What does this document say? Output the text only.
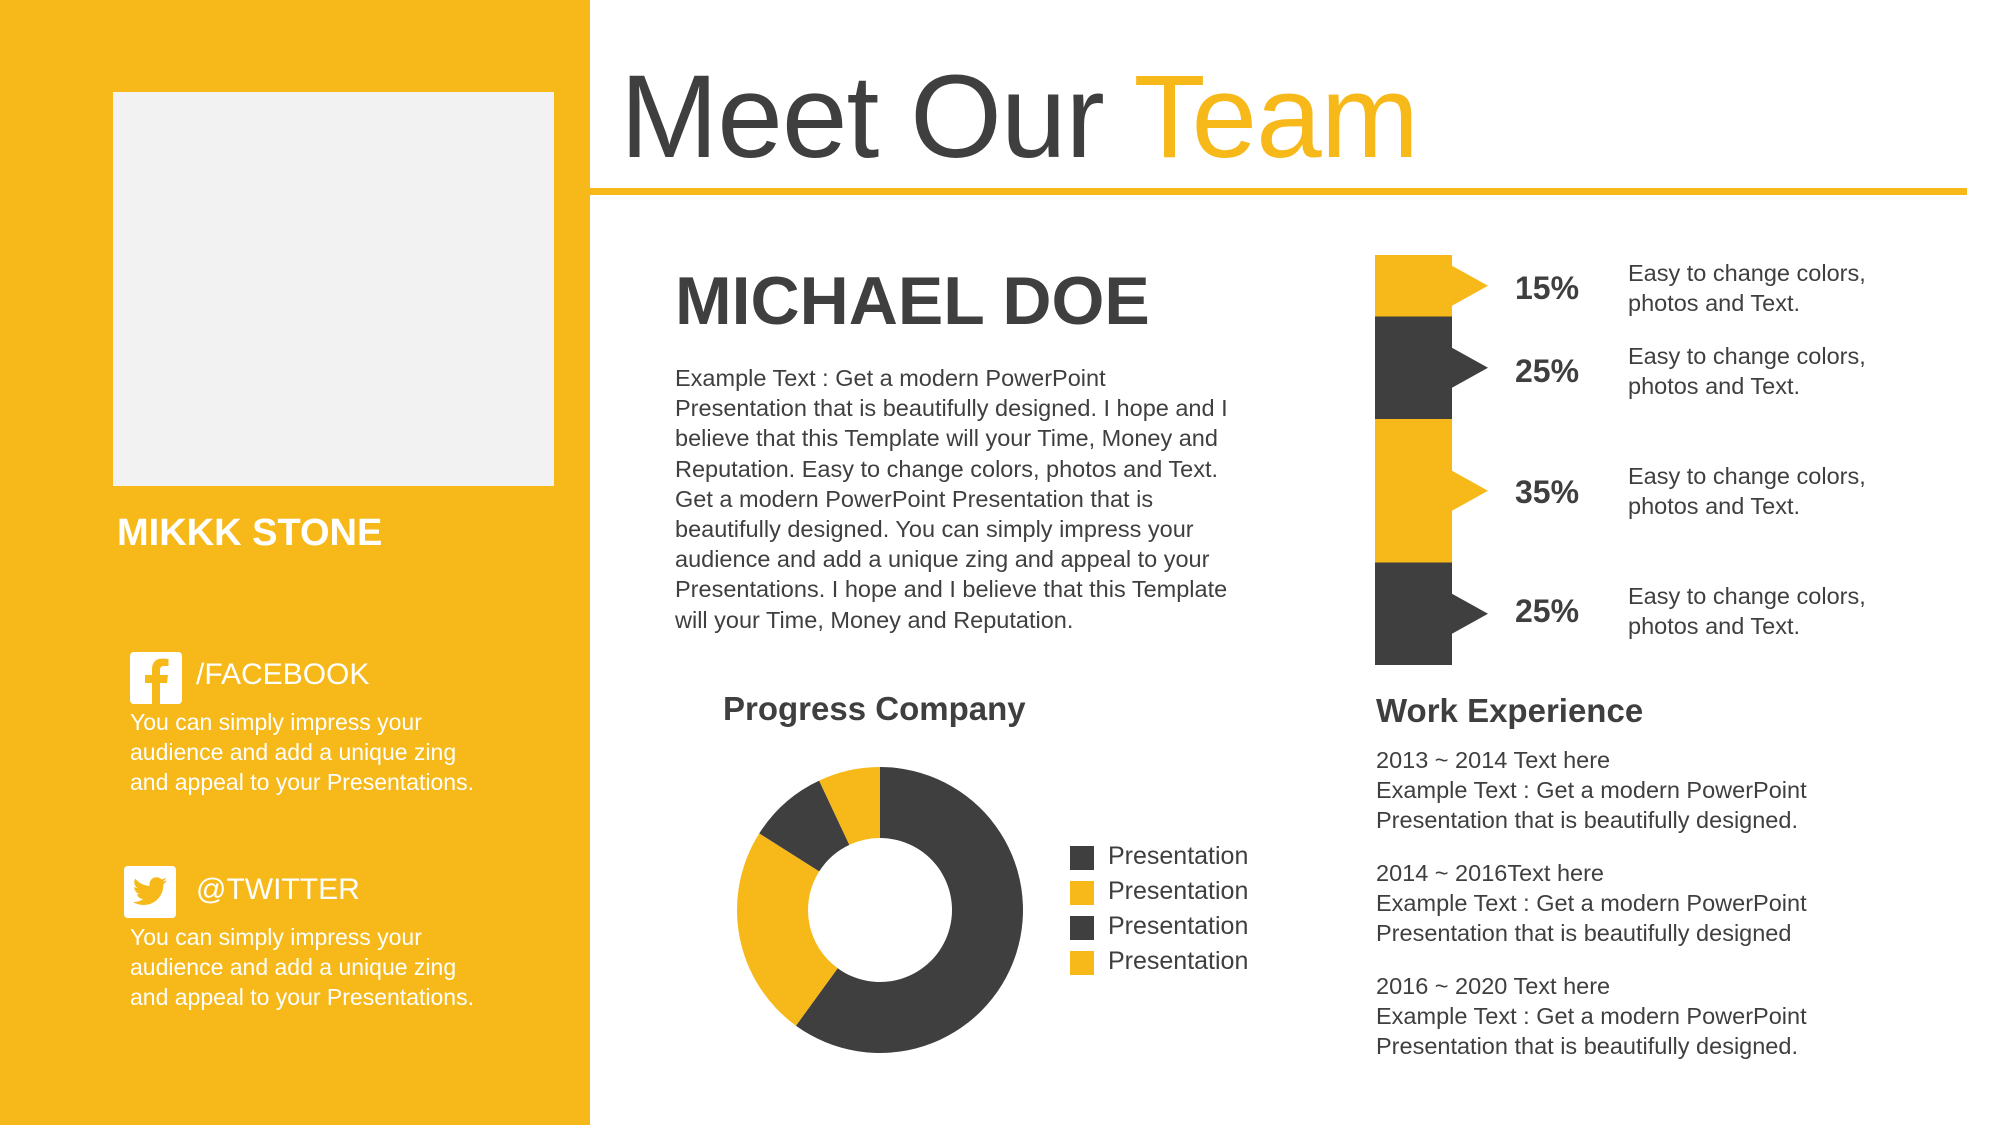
MIKKK STONE
/FACEBOOK
You can simply impress your
audience and add a unique zing
and appeal to your Presentations.
@TWITTER
You can simply impress your
audience and add a unique zing
and appeal to your Presentations.
Meet Our Team
MICHAEL DOE
Example Text : Get a modern PowerPoint
Presentation that is beautifully designed. I hope and I
believe that this Template will your Time, Money and
Reputation. Easy to change colors, photos and Text.
Get a modern PowerPoint Presentation that is
beautifully designed. You can simply impress your
audience and add a unique zing and appeal to your
Presentations. I hope and I believe that this Template
will your Time, Money and Reputation.
Progress Company
Presentation
Presentation
Presentation
Presentation
15% Easy to change colors,
photos and Text.
25% Easy to change colors,
photos and Text.
35% Easy to change colors,
photos and Text.
25% Easy to change colors,
photos and Text.
Work Experience
2013 ~ 2014 Text here
Example Text : Get a modern PowerPoint
Presentation that is beautifully designed.
2014 ~ 2016Text here
Example Text : Get a modern PowerPoint
Presentation that is beautifully designed
2016 ~ 2020 Text here
Example Text : Get a modern PowerPoint
Presentation that is beautifully designed.
